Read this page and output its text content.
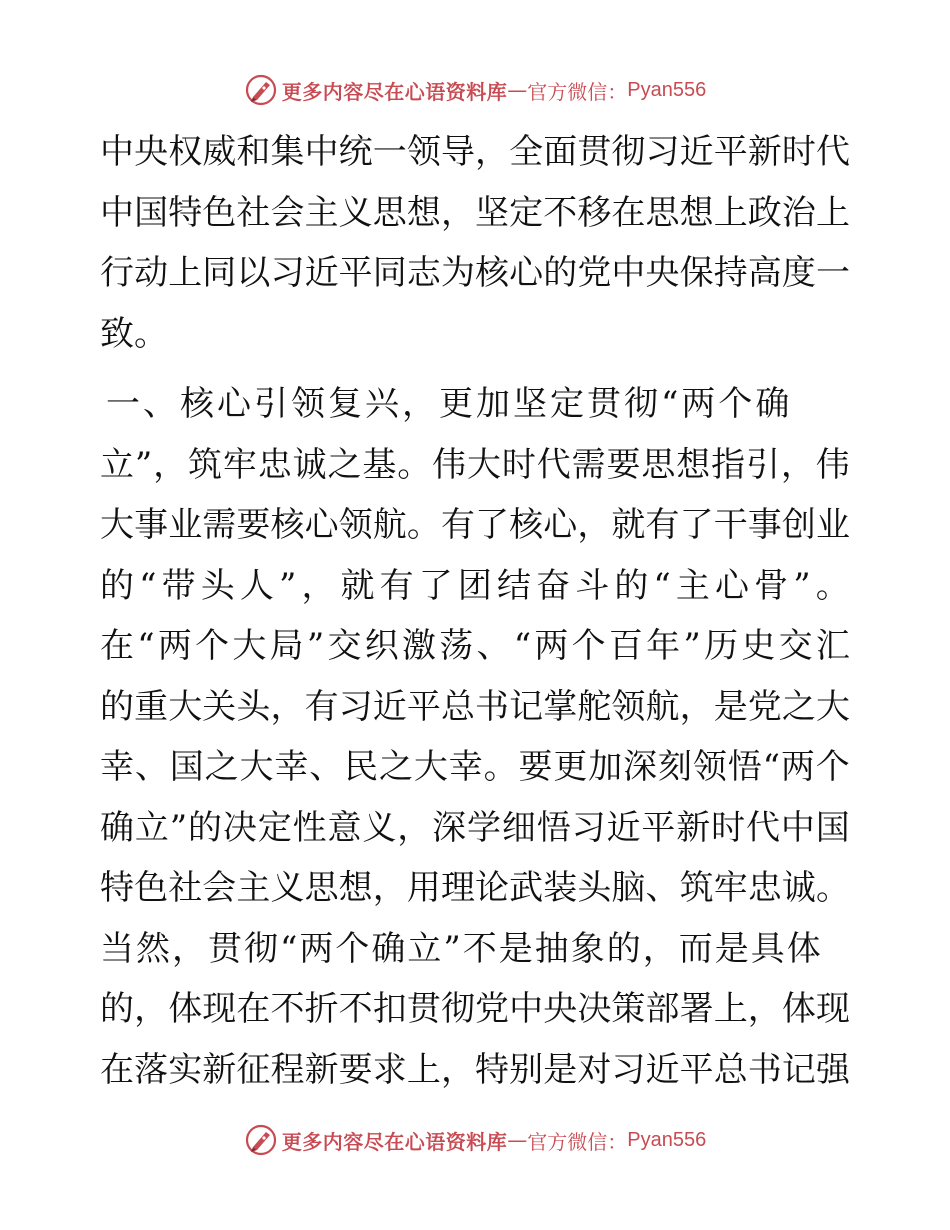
更多内容尽在心语资料库 — 官方微信： Pyan556
中 央 权 威 和 集 中 统 一 领 导 ， 全 面 贯 彻 习 近 平 新 时 代
中 国 特 色 社 会 主 义 思 想 ， 坚 定 不 移 在 思 想 上 政 治 上
行 动 上 同 以 习 近 平 同 志 为 核 心 的 党 中 央 保 持 高 度 一
致。
一、核心引领复兴，更加坚定贯彻“两个确
立 ” ， 筑 牢 忠 诚 之 基 。 伟 大 时 代 需 要 思 想 指 引 ， 伟
大 事 业 需 要 核 心 领 航 。 有 了 核 心 ， 就 有 了 干 事 创 业
的 “ 带 头 人 ” ， 就 有 了 团 结 奋 斗 的 “ 主 心 骨 ” 。
在 “ 两 个 大 局 ” 交 织 激 荡 、 “ 两 个 百 年 ” 历 史 交 汇
的 重 大 关 头 ， 有 习 近 平 总 书 记 掌 舵 领 航 ， 是 党 之 大
幸 、 国 之 大 幸 、 民 之 大 幸 。 要 更 加 深 刻 领 悟 “ 两 个
确 立 ” 的 决 定 性 意 义 ， 深 学 细 悟 习 近 平 新 时 代 中 国
特 色 社 会 主 义 思 想 ， 用 理 论 武 装 头 脑 、 筑 牢 忠 诚 。
当然，贯彻“两个确立”不是抽象的，而是具体
的 ， 体 现 在 不 折 不 扣 贯 彻 党 中 央 决 策 部 署 上 ， 体 现
在 落 实 新 征 程 新 要 求 上 ， 特 别 是 对 习 近 平 总 书 记 强
更多内容尽在心语资料库 — 官方微信： Pyan556
